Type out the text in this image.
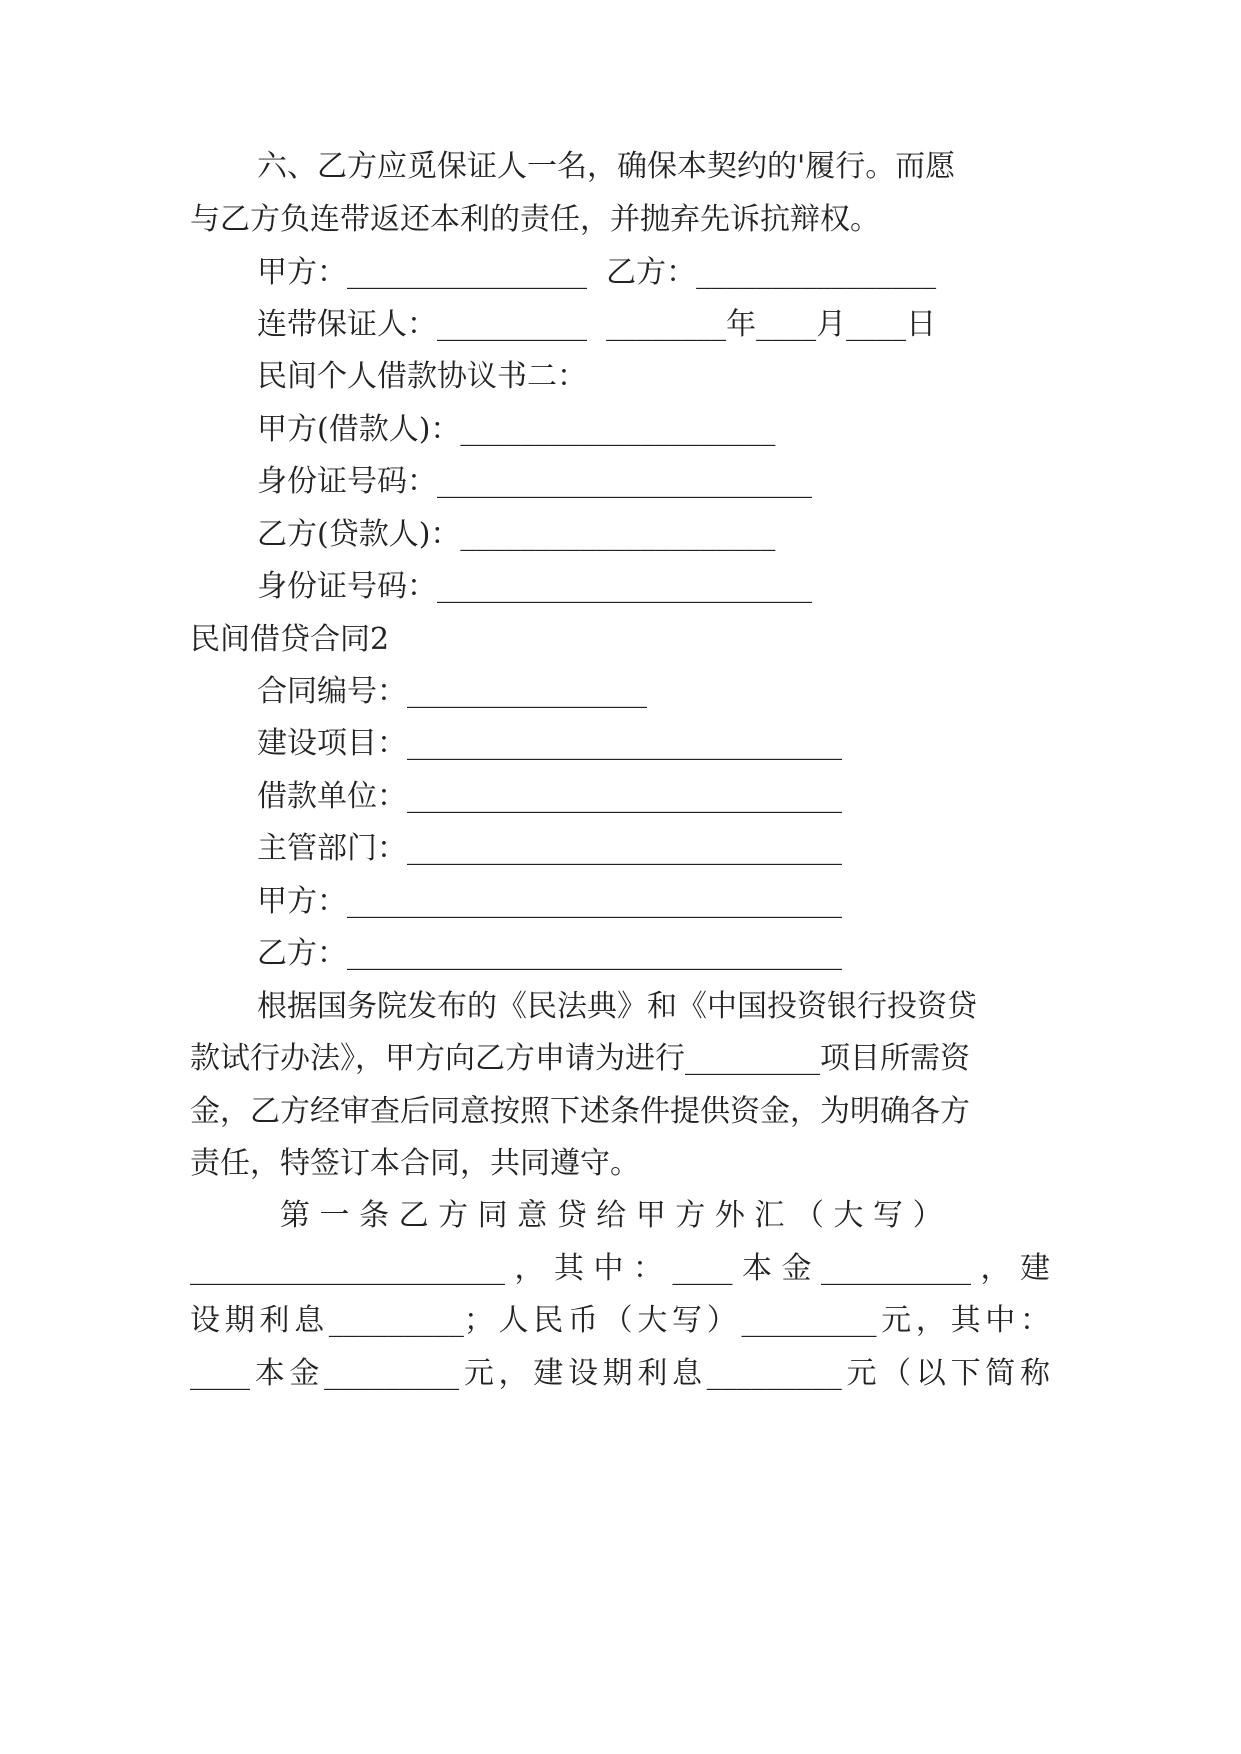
六、乙方应觅保证人一名，确保本契约的'履行。而愿
与乙方负连带返还本利的责任，并抛弃先诉抗辩权。
甲方：________________  乙方：________________
连带保证人：__________  ________年____月____日
民间个人借款协议书二：
甲方(借款人)：_____________________
身份证号码：_________________________
乙方(贷款人)：_____________________
身份证号码：_________________________
民间借贷合同2
合同编号：________________
建设项目：_____________________________
借款单位：_____________________________
主管部门：_____________________________
甲方：_________________________________
乙方：_________________________________
根据国务院发布的《民法典》和《中国投资银行投资贷
款试行办法》，甲方向乙方申请为进行_________项目所需资
金，乙方经审查后同意按照下述条件提供资金，为明确各方
责任，特签订本合同，共同遵守。
第 一 条 乙 方 同 意 贷 给 甲 方 外 汇 （ 大 写 ）
_____________________，其中：____本金__________，建
设期利息_________；人民币（大写）_________元，其中：
____本金_________元，建设期利息_________元（以下简称
